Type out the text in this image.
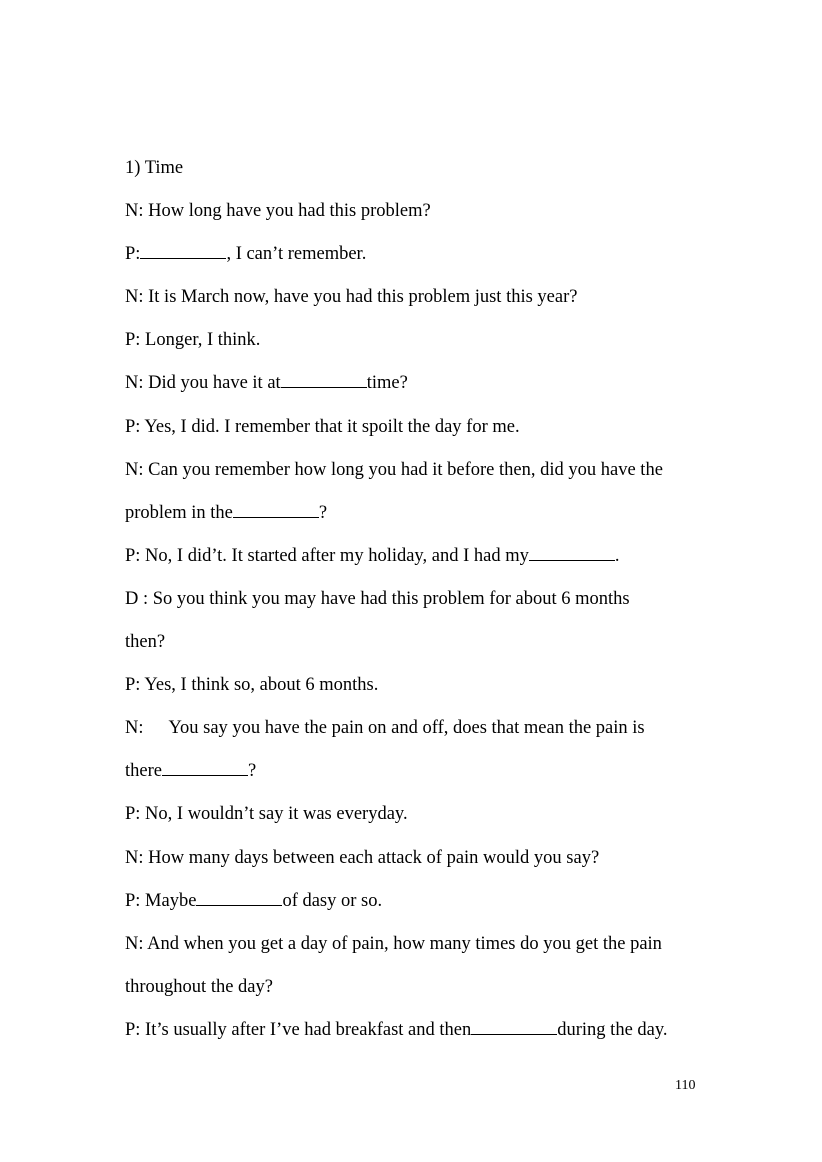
1) Time
N: How long have you had this problem?
P:	, I can’t remember.
N: It is March now, have you had this problem just this year?
P: Longer, I think.
N: Did you have it at	time?
P: Yes, I did. I remember that it spoilt the day for me.
N: Can you remember how long you had it before then, did you have the
problem in the	?
P: No, I did’t. It started after my holiday, and I had my	.
D : So you think you may have had this problem for about 6 months
then?
P: Yes, I think so, about 6 months.
N: You say you have the pain on and off, does that mean the pain is
there	?
P: No, I wouldn’t say it was everyday.
N: How many days between each attack of pain would you say?
P: Maybe	of dasy or so.
N: And when you get a day of pain, how many times do you get the pain
throughout the day?
P: It’s usually after I’ve had breakfast and then	during the day.
110
